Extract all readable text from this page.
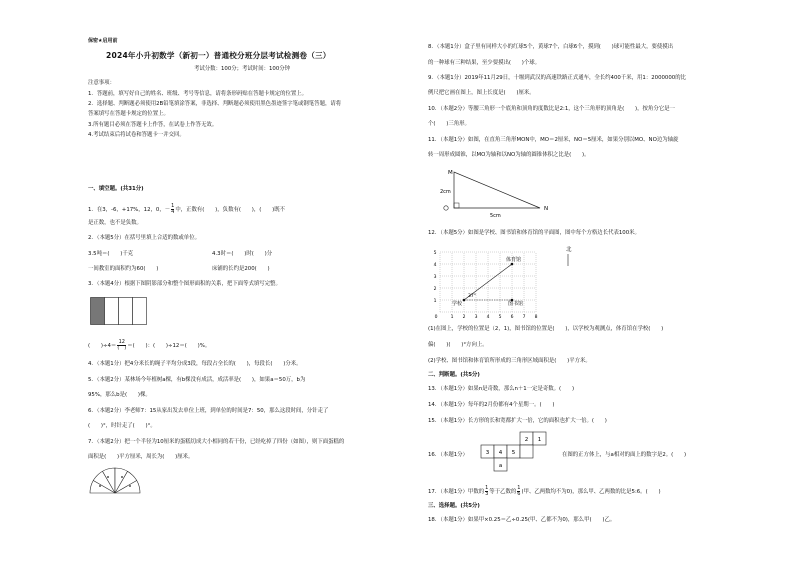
保密★启用前
2024年小升初数学（新初一）普通校分班分层考试检测卷（三）
考试分数：100分；考试时间：100分钟
注意事项：
1．答题前，填写好自己的姓名、班级、考号等信息，请将条形码贴在答题卡规定的位置上。
2．选择题、判断题必须使用2B铅笔填涂答案，非选择、判断题必须使用黑色墨迹签字笔或钢笔答题，请将
答案填写在答题卡规定的位置上。
3.所有题目必须在答题卡上作答，在试卷上作答无效。
4.考试结束后将试卷和答题卡一并交回。
一、填空题。(共31分)
1．在3，-6，+17%，12，0，－ $\frac{1}{4}$ 中，正数有(　　)，负数有(　　)，(　　)既不
是正数，也不是负数。
2．（本题5分）在括号里填上合适的数或单位。
3.5吨＝(　　)千克	4.3时＝(　　)时(　　)分
一间教室的面积约为60(　　)	床铺的长约是200(　　)
3．（本题4分）根据下图阴影部分和整个图形面积的关系，把下面等式填写完整。
(　　)÷4＝
12
(　) ＝(　　)：(　　)÷12＝(　　)%。
4．（本题1分）把4分米长的绳子平均分成3段，每段占全长的(　　)，每段长(　　)分米。
5．（本题2分）某林场今年植树a棵，有b棵没有成活，成活率是(　　)，如果a＝50万，b为
95%，那么b是(　　)棵。
6．（本题2分）李老师7：15从家出发去单位上班，到单位的时间是7：50，那么这段时间，分针走了
(　　)°，时针走了(　　)°。
7．（本题2分）把一个半径为10厘米的蛋糕切成大小相同的若干份，已经吃掉了四份（如图），则下面蛋糕的
面积是(　　)平方厘米，周长为(　　)厘米。
8．（本题1分）盒子里有同样大小的红球5个，黄球7个，白球6个，摸到(　　)球可能性最大，要使摸出
的一种球有三种结果，至少要摸出(　　)个球。
9．（本题1分）2019年11月29日，十堰到武汉的高速铁路正式通车，全长约400千米，用1：2000000的比
例尺把它画在图上，图上长度是(　　)厘米。
10．（本题2分）等腰三角形一个底角和顶角的度数比是2:1，这个三角形的顶角是(　　)，按角分它是一
个(　　)三角形。
11．（本题1分）如图，在直角三角形MON中，MO＝2厘米，NO＝5厘米，如果分别以MO、NO边为轴旋
转一周形成圆锥，以MO为轴和以NO为轴的圆锥体积之比是(　　)。
M
N
2cm
5cm
12．（本题5分）如图是学校、图书馆和体育馆的平面图，图中每个方格边长代表100米。
北
学校	图书馆
体育馆
37°
0	1 2 3 4 5 6 7 8
1
2
3
4
5
(1)在图上，学校的位置是（2，1)，图书馆的位置是(　　)，以学校为观测点，体育馆在学校(　　)
偏(　　)(　　)°方向上。
(2)学校、图书馆和体育馆所形成的三角形区域面积是(　　)平方米。
二、判断题。(共5分)
13．（本题1分）如果n是奇数，那么n＋1一定是奇数。(　　)
14．（本题1分）每年的2月份都有4个星期一。(　　)
15．（本题1分）长方形的长和宽都扩大一倍，它的面积也扩大一倍。(　　)
16．（本题1分）
1
2
3 4 5
a
在图的正方体上，与a相对的面上的数字是2。(　　)
17．（本题1分）甲数的 $\frac{1}{3}$ 等于乙数的 $\frac{1}{6}$ (甲、乙两数均不为0)，那么甲、乙两数的比是5:6。(　　)
三、选择题。(共5分)
18．（本题1分）如果甲×0.25＝乙÷0.25(甲、乙都不为0)，那么甲(　　)乙。
